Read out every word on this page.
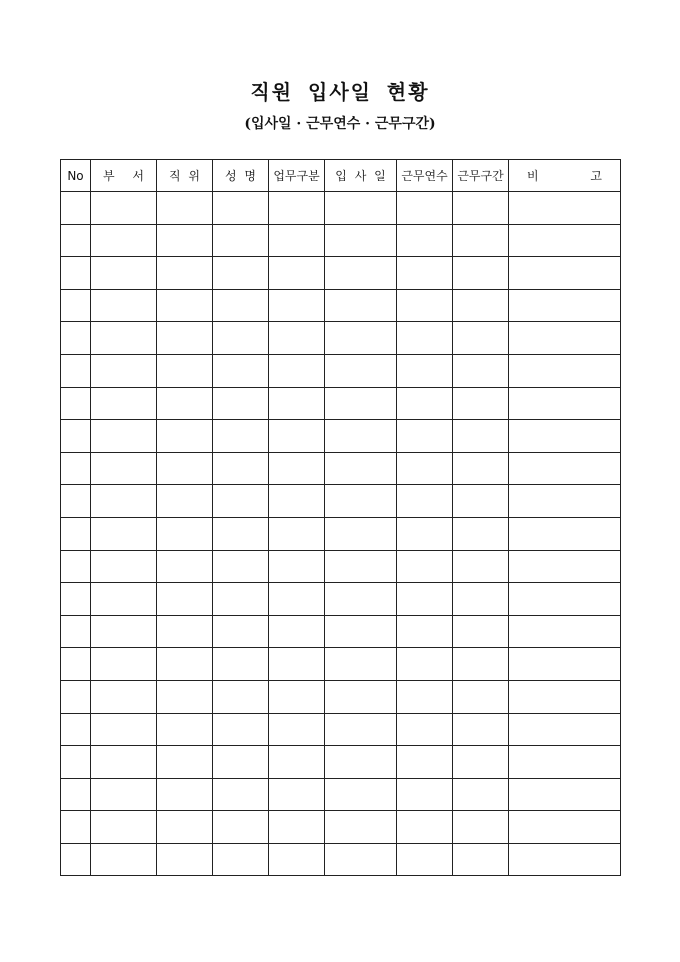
직원 입사일 현황
(입사일 · 근무연수 · 근무구간)
No	부 서	직 위	성 명	업무구분	입 사 일	근무연수	근무구간	비 고
